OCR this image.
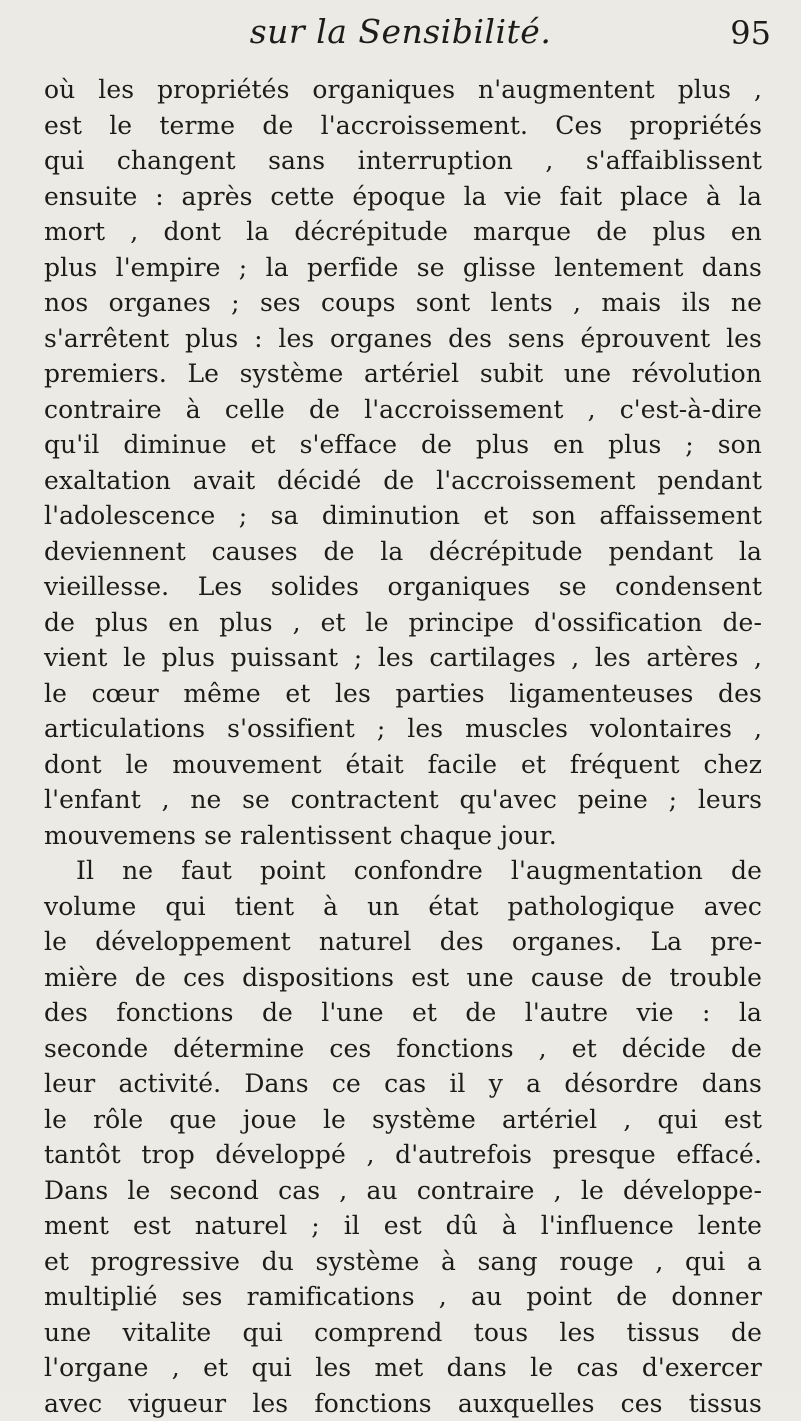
sur la Sensibilité.	95
où les propriétés organiques n'augmentent plus ,
est le terme de l'accroissement. Ces propriétés
qui changent sans interruption , s'affaiblissent
ensuite : après cette époque la vie fait place à la
mort , dont la décrépitude marque de plus en
plus l'empire ; la perfide se glisse lentement dans
nos organes ; ses coups sont lents , mais ils ne
s'arrêtent plus : les organes des sens éprouvent les
premiers. Le système artériel subit une révolution
contraire à celle de l'accroissement , c'est-à-dire
qu'il diminue et s'efface de plus en plus ; son
exaltation avait décidé de l'accroissement pendant
l'adolescence ; sa diminution et son affaissement
deviennent causes de la décrépitude pendant la
vieillesse. Les solides organiques se condensent
de plus en plus , et le principe d'ossification de-
vient le plus puissant ; les cartilages , les artères ,
le cœur même et les parties ligamenteuses des
articulations s'ossifient ; les muscles volontaires ,
dont le mouvement était facile et fréquent chez
l'enfant , ne se contractent qu'avec peine ; leurs
mouvemens se ralentissent chaque jour.
Il ne faut point confondre l'augmentation de
volume qui tient à un état pathologique avec
le développement naturel des organes. La pre-
mière de ces dispositions est une cause de trouble
des fonctions de l'une et de l'autre vie : la
seconde détermine ces fonctions , et décide de
leur activité. Dans ce cas il y a désordre dans
le rôle que joue le système artériel , qui est
tantôt trop développé , d'autrefois presque effacé.
Dans le second cas , au contraire , le développe-
ment est naturel ; il est dû à l'influence lente
et progressive du système à sang rouge , qui a
multiplié ses ramifications , au point de donner
une vitalite qui comprend tous les tissus de
l'organe , et qui les met dans le cas d'exercer
avec vigueur les fonctions auxquelles ces tissus
